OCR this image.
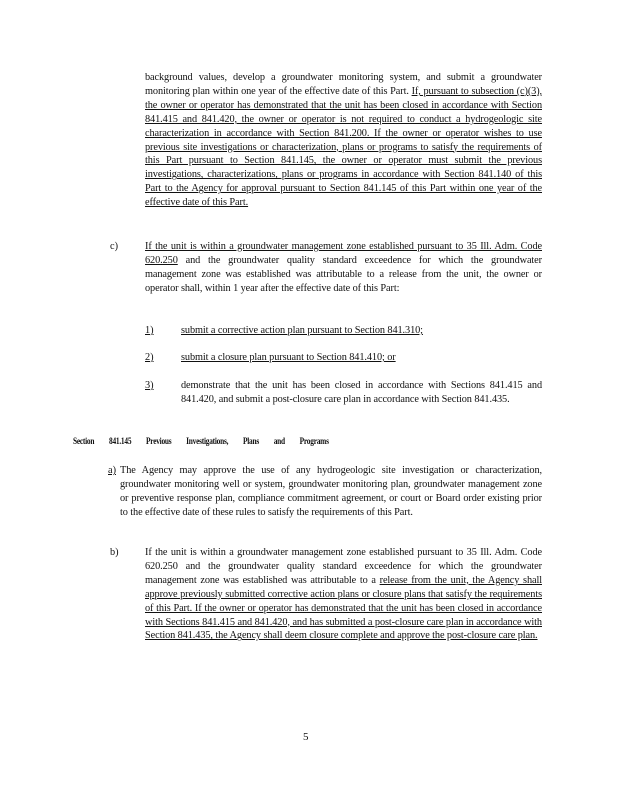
background values, develop a groundwater monitoring system, and submit a groundwater monitoring plan within one year of the effective date of this Part. If, pursuant to subsection (c)(3), the owner or operator has demonstrated that the unit has been closed in accordance with Section 841.415 and 841.420, the owner or operator is not required to conduct a hydrogeologic site characterization in accordance with Section 841.200. If the owner or operator wishes to use previous site investigations or characterization, plans or programs to satisfy the requirements of this Part pursuant to Section 841.145, the owner or operator must submit the previous investigations, characterizations, plans or programs in accordance with Section 841.140 of this Part to the Agency for approval pursuant to Section 841.145 of this Part within one year of the effective date of this Part.
c)	If the unit is within a groundwater management zone established pursuant to 35 Ill. Adm. Code 620.250 and the groundwater quality standard exceedence for which the groundwater management zone was established was attributable to a release from the unit, the owner or operator shall, within 1 year after the effective date of this Part:
1)	submit a corrective action plan pursuant to Section 841.310;
2)	submit a closure plan pursuant to Section 841.410; or
3)	demonstrate that the unit has been closed in accordance with Sections 841.415 and 841.420, and submit a post-closure care plan in accordance with Section 841.435.
Section 841.145 Previous Investigations, Plans and Programs
a) The Agency may approve the use of any hydrogeologic site investigation or characterization, groundwater monitoring well or system, groundwater monitoring plan, groundwater management zone or preventive response plan, compliance commitment agreement, or court or Board order existing prior to the effective date of these rules to satisfy the requirements of this Part.
b)	If the unit is within a groundwater management zone established pursuant to 35 Ill. Adm. Code 620.250 and the groundwater quality standard exceedence for which the groundwater management zone was established was attributable to a release from the unit, the Agency shall approve previously submitted corrective action plans or closure plans that satisfy the requirements of this Part. If the owner or operator has demonstrated that the unit has been closed in accordance with Sections 841.415 and 841.420, and has submitted a post-closure care plan in accordance with Section 841.435, the Agency shall deem closure complete and approve the post-closure care plan.
5
